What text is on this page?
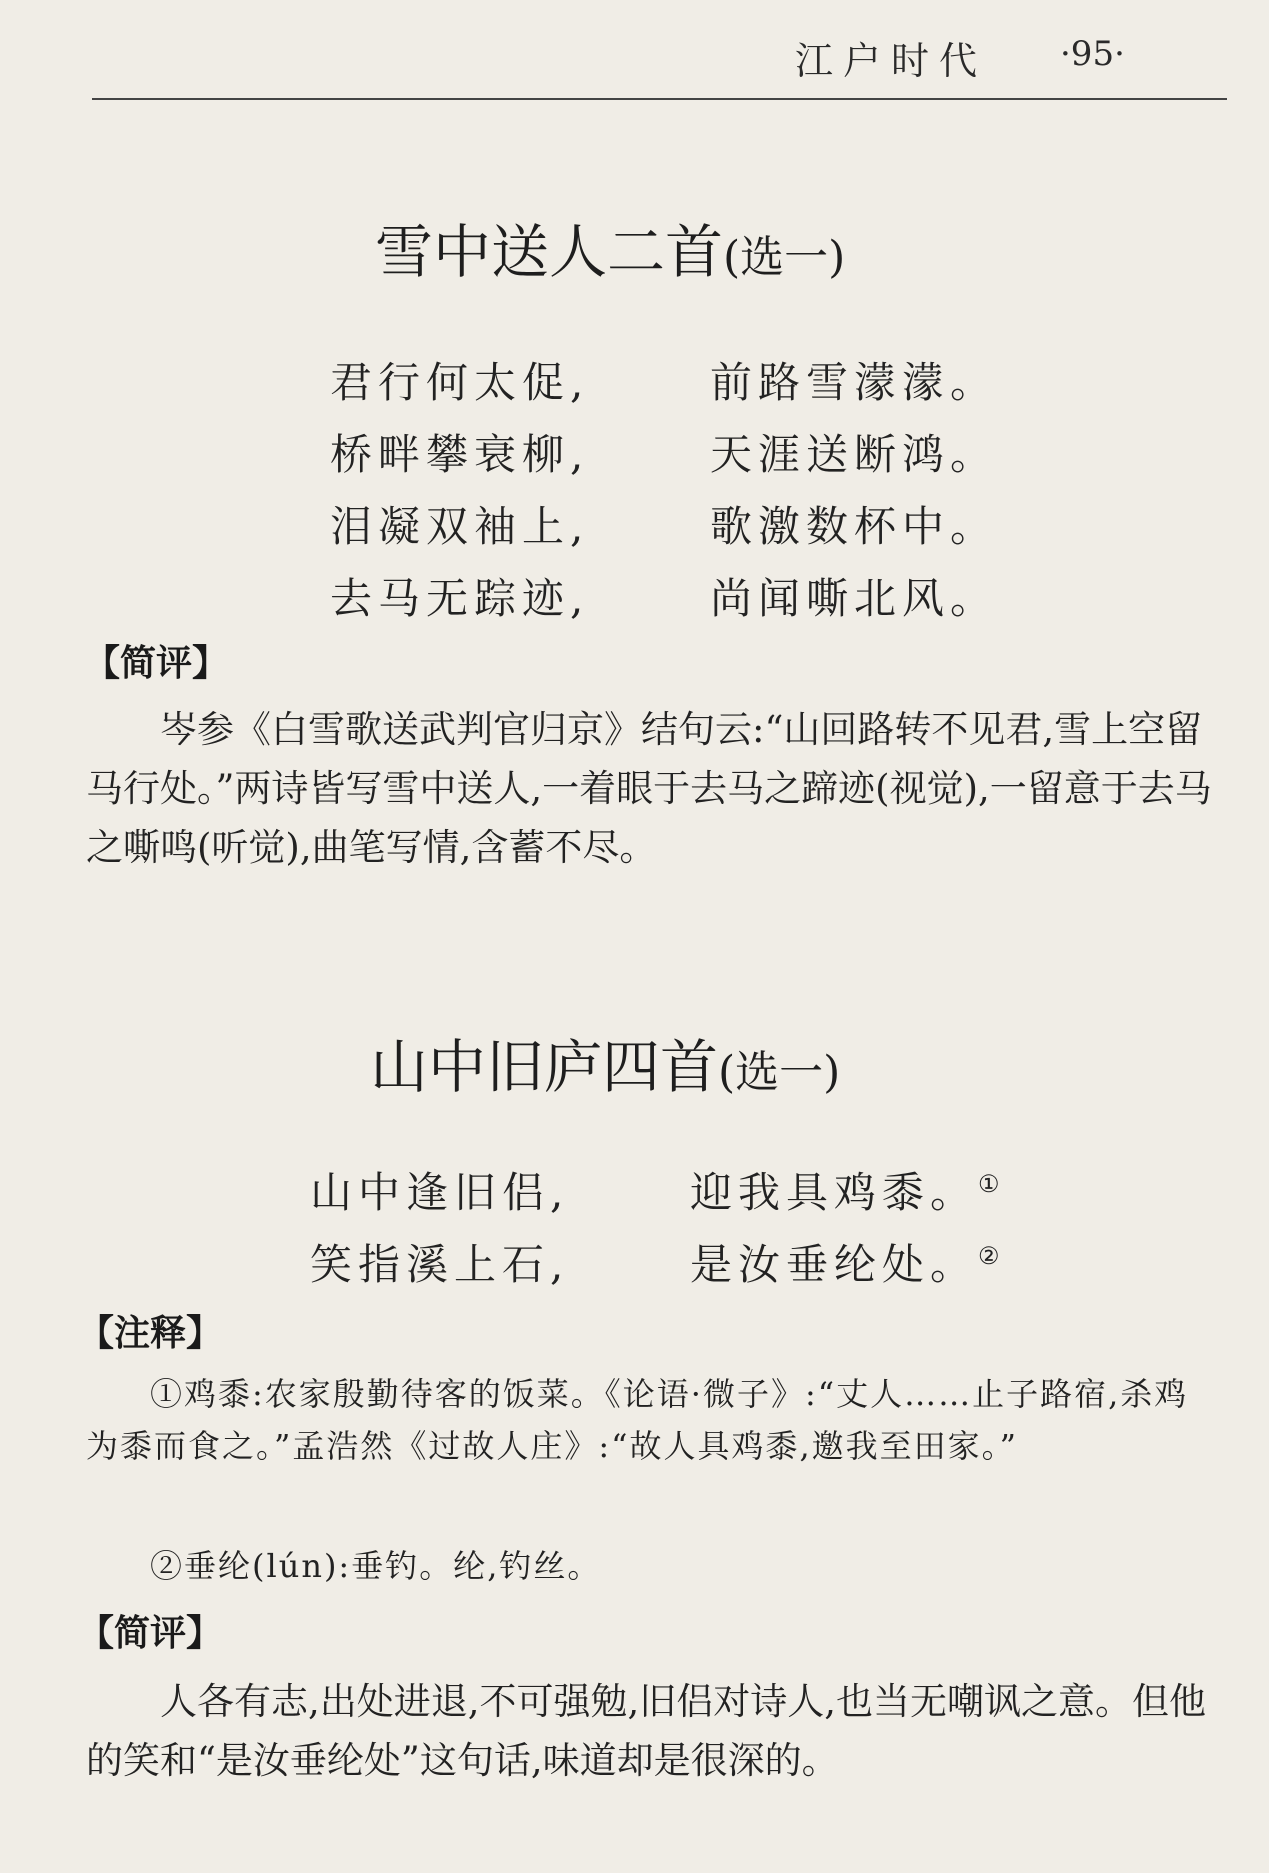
江户时代 ·95·
雪中送人二首(选一)
君行何太促,	前路雪濛濛。
桥畔攀衰柳,	天涯送断鸿。
泪凝双袖上,	歌激数杯中。
去马无踪迹,	尚闻嘶北风。
【简评】

岑参《白雪歌送武判官归京》结句云:“山回路转不见君,雪上空留马行处。”两诗皆写雪中送人,一着眼于去马之蹄迹(视觉),一留意于去马之嘶鸣(听觉),曲笔写情,含蓄不尽。

山中旧庐四首(选一)
山中逢旧侣,	迎我具鸡黍。①
笑指溪上石,	是汝垂纶处。②
【注释】

①鸡黍:农家殷勤待客的饭菜。《论语·微子》:“丈人……止子路宿,杀鸡为黍而食之。”孟浩然《过故人庄》:“故人具鸡黍,邀我至田家。”

②垂纶(lún):垂钓。纶,钓丝。

【简评】

人各有志,出处进退,不可强勉,旧侣对诗人,也当无嘲讽之意。但他的笑和“是汝垂纶处”这句话,味道却是很深的。
